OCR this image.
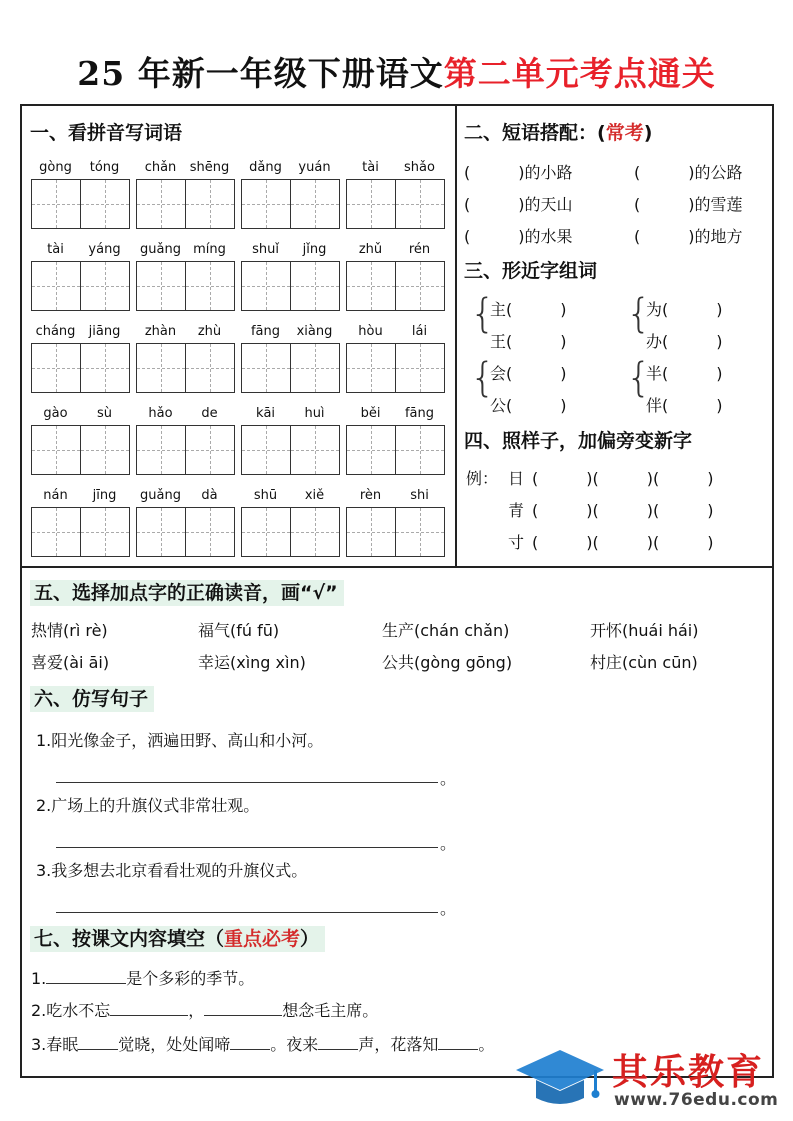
25 年新一年级下册语文第二单元考点通关
一、看拼音写词语
gòng	tóng	chǎn	shēng	dǎng	yuán	tài	shǎo
tài	yáng	guǎng míng	shuǐ	jǐng	zhǔ	rén
cháng	jiāng	zhàn	zhù	fāng	xiàng	hòu	lái
gào	sù	hǎo	de	kāi	huì	běi	fāng
nán	jīng	guǎng	dà	shū	xiě	rèn	shi
二、短语搭配：(常考)
(　　　)的小路	(　　　)的公路
(　　　)的天山	(　　　)的雪莲
(　　　)的水果	(　　　)的地方
三、形近字组词
{
主(　　　)
王(　　　)
{
为(　　　)
办(　　　)
{
会(　　　)
公(　　　)
{
半(　　　)
伴(　　　)
四、照样子，加偏旁变新字
例： 日 (　　　)(　　　)(　　　)
青 (　　　)(　　　)(　　　)
寸 (　　　)(　　　)(　　　)
五、选择加点字的正确读音，画“√”
热情(rì rè)	福气(fú fū)	生产(chán chǎn)	开怀(huái hái)
喜爱(ài āi)	幸运(xìng xìn)	公共(gòng gōng)	村庄(cùn cūn)
六、仿写句子
1.阳光像金子，洒遍田野、高山和小河。
。
2.广场上的升旗仪式非常壮观。
。
3.我多想去北京看看壮观的升旗仪式。
。
七、按课文内容填空（重点必考）
1.	是个多彩的季节。
2.吃水不忘	，	想念毛主席。
3.春眠	觉晓，处处闻啼	。夜来	声，花落知	。
其乐教育
www.76edu.com
